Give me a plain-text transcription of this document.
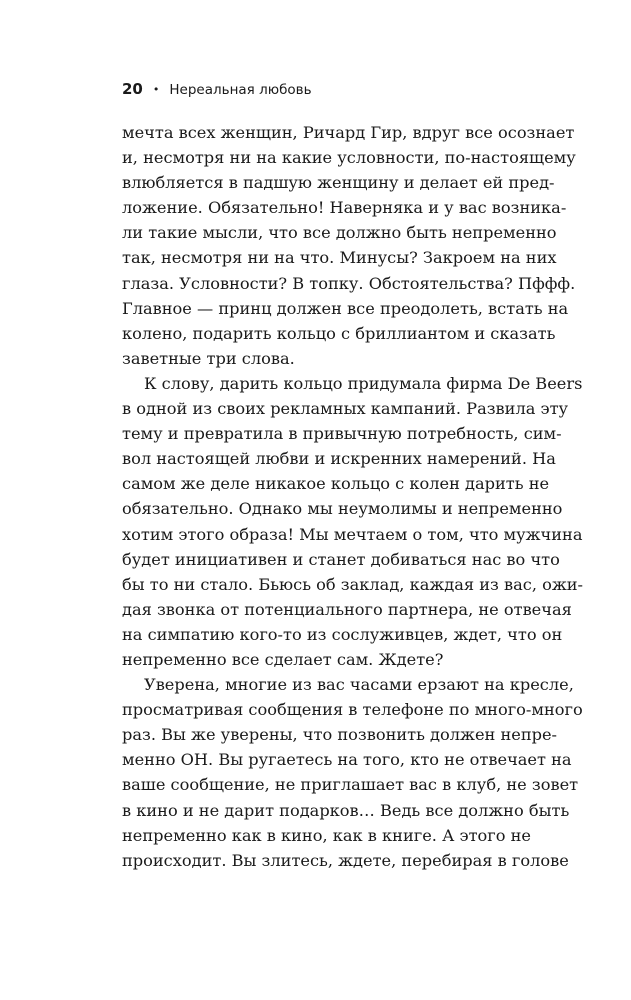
20 • Нереальная любовь
мечта всех женщин, Ричард Гир, вдруг все осознает
и, несмотря ни на какие условности, по-настоящему
влюбляется в падшую женщину и делает ей пред-
ложение. Обязательно! Наверняка и у вас возника-
ли такие мысли, что все должно быть непременно
так, несмотря ни на что. Минусы? Закроем на них
глаза. Условности? В топку. Обстоятельства? Пффф.
Главное — принц должен все преодолеть, встать на
колено, подарить кольцо с бриллиантом и сказать
заветные три слова.
К слову, дарить кольцо придумала фирма De Beers
в одной из своих рекламных кампаний. Развила эту
тему и превратила в привычную потребность, сим-
вол настоящей любви и искренних намерений. На
самом же деле никакое кольцо с колен дарить не
обязательно. Однако мы неумолимы и непременно
хотим этого образа! Мы мечтаем о том, что мужчина
будет инициативен и станет добиваться нас во что
бы то ни стало. Бьюсь об заклад, каждая из вас, ожи-
дая звонка от потенциального партнера, не отвечая
на симпатию кого-то из сослуживцев, ждет, что он
непременно все сделает сам. Ждете?
Уверена, многие из вас часами ерзают на кресле,
просматривая сообщения в телефоне по много-много
раз. Вы же уверены, что позвонить должен непре-
менно ОН. Вы ругаетесь на того, кто не отвечает на
ваше сообщение, не приглашает вас в клуб, не зовет
в кино и не дарит подарков… Ведь все должно быть
непременно как в кино, как в книге. А этого не
происходит. Вы злитесь, ждете, перебирая в голове
